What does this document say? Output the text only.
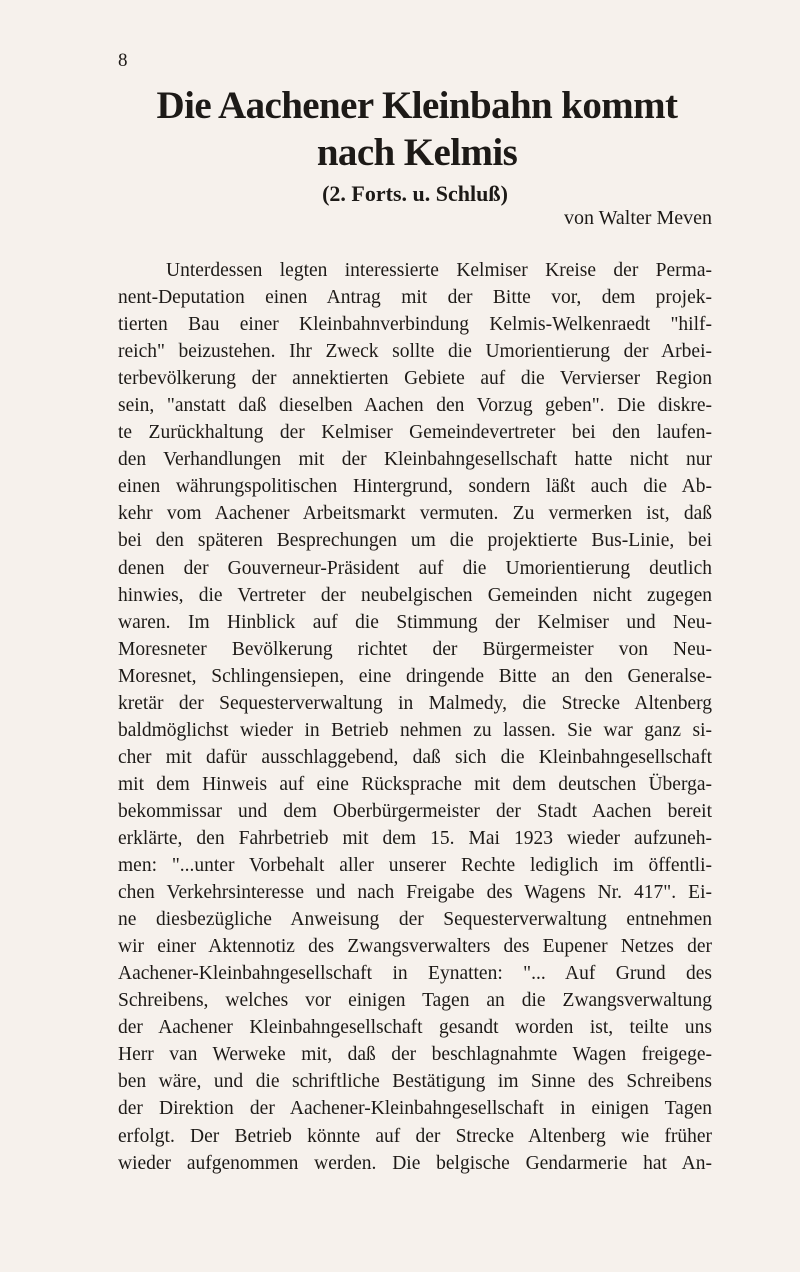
8
Die Aachener Kleinbahn kommt nach Kelmis
(2. Forts. u. Schluß)
von Walter Meven
Unterdessen legten interessierte Kelmiser Kreise der Perma-
nent-Deputation einen Antrag mit der Bitte vor, dem projek-
tierten Bau einer Kleinbahnverbindung Kelmis-Welkenraedt "hilf-
reich" beizustehen. Ihr Zweck sollte die Umorientierung der Arbei-
terbevölkerung der annektierten Gebiete auf die Vervierser Region
sein, "anstatt daß dieselben Aachen den Vorzug geben". Die diskre-
te Zurückhaltung der Kelmiser Gemeindevertreter bei den laufen-
den Verhandlungen mit der Kleinbahngesellschaft hatte nicht nur
einen währungspolitischen Hintergrund, sondern läßt auch die Ab-
kehr vom Aachener Arbeitsmarkt vermuten. Zu vermerken ist, daß
bei den späteren Besprechungen um die projektierte Bus-Linie, bei
denen der Gouverneur-Präsident auf die Umorientierung deutlich
hinwies, die Vertreter der neubelgischen Gemeinden nicht zugegen
waren. Im Hinblick auf die Stimmung der Kelmiser und Neu-
Moresneter Bevölkerung richtet der Bürgermeister von Neu-
Moresnet, Schlingensiepen, eine dringende Bitte an den Generalse-
kretär der Sequesterverwaltung in Malmedy, die Strecke Altenberg
baldmöglichst wieder in Betrieb nehmen zu lassen. Sie war ganz si-
cher mit dafür ausschlaggebend, daß sich die Kleinbahngesellschaft
mit dem Hinweis auf eine Rücksprache mit dem deutschen Überga-
bekommissar und dem Oberbürgermeister der Stadt Aachen bereit
erklärte, den Fahrbetrieb mit dem 15. Mai 1923 wieder aufzuneh-
men: "...unter Vorbehalt aller unserer Rechte lediglich im öffentli-
chen Verkehrsinteresse und nach Freigabe des Wagens Nr. 417". Ei-
ne diesbezügliche Anweisung der Sequesterverwaltung entnehmen
wir einer Aktennotiz des Zwangsverwalters des Eupener Netzes der
Aachener-Kleinbahngesellschaft in Eynatten: "... Auf Grund des
Schreibens, welches vor einigen Tagen an die Zwangsverwaltung
der Aachener Kleinbahngesellschaft gesandt worden ist, teilte uns
Herr van Werweke mit, daß der beschlagnahmte Wagen freigege-
ben wäre, und die schriftliche Bestätigung im Sinne des Schreibens
der Direktion der Aachener-Kleinbahngesellschaft in einigen Tagen
erfolgt. Der Betrieb könnte auf der Strecke Altenberg wie früher
wieder aufgenommen werden. Die belgische Gendarmerie hat An-
